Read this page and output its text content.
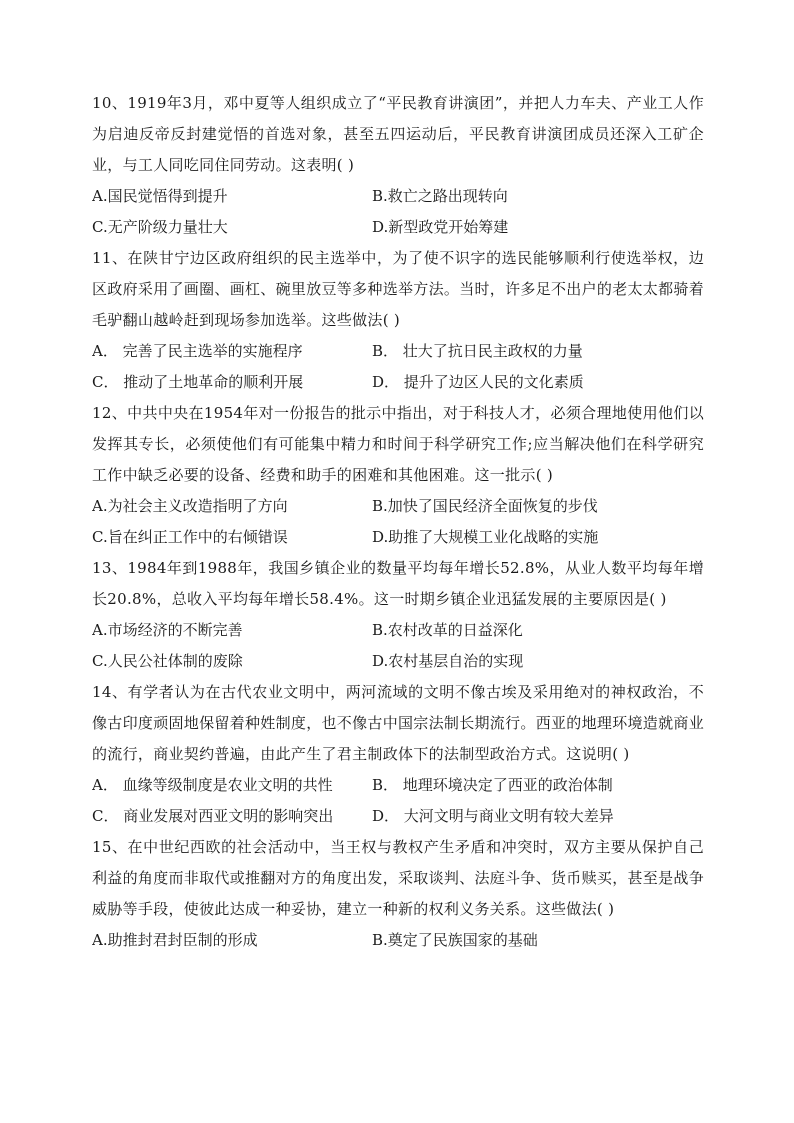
10、1919年3月，邓中夏等人组织成立了“平民教育讲演团”，并把人力车夫、产业工人作为启迪反帝反封建觉悟的首选对象，甚至五四运动后，平民教育讲演团成员还深入工矿企业，与工人同吃同住同劳动。这表明( )

A.国民觉悟得到提升	B.救亡之路出现转向
C.无产阶级力量壮大	D.新型政党开始筹建

11、在陕甘宁边区政府组织的民主选举中，为了使不识字的选民能够顺利行使选举权，边区政府采用了画圈、画杠、碗里放豆等多种选举方法。当时，许多足不出户的老太太都骑着毛驴翻山越岭赶到现场参加选举。这些做法( )

A． 完善了民主选举的实施程序	B． 壮大了抗日民主政权的力量
C． 推动了土地革命的顺利开展	D． 提升了边区人民的文化素质

12、中共中央在1954年对一份报告的批示中指出，对于科技人才，必须合理地使用他们以发挥其专长，必须使他们有可能集中精力和时间于科学研究工作;应当解决他们在科学研究工作中缺乏必要的设备、经费和助手的困难和其他困难。这一批示( )

A.为社会主义改造指明了方向	B.加快了国民经济全面恢复的步伐
C.旨在纠正工作中的右倾错误	D.助推了大规模工业化战略的实施

13、1984年到1988年，我国乡镇企业的数量平均每年增长52.8%，从业人数平均每年增长20.8%，总收入平均每年增长58.4%。这一时期乡镇企业迅猛发展的主要原因是( )

A.市场经济的不断完善	B.农村改革的日益深化
C.人民公社体制的废除	D.农村基层自治的实现

14、有学者认为在古代农业文明中，两河流域的文明不像古埃及采用绝对的神权政治，不像古印度顽固地保留着种姓制度，也不像古中国宗法制长期流行。西亚的地理环境造就商业的流行，商业契约普遍，由此产生了君主制政体下的法制型政治方式。这说明( )

A． 血缘等级制度是农业文明的共性	B． 地理环境决定了西亚的政治体制
C． 商业发展对西亚文明的影响突出	D． 大河文明与商业文明有较大差异

15、在中世纪西欧的社会活动中，当王权与教权产生矛盾和冲突时，双方主要从保护自己利益的角度而非取代或推翻对方的角度出发，采取谈判、法庭斗争、货币赎买，甚至是战争威胁等手段，使彼此达成一种妥协，建立一种新的权利义务关系。这些做法( )

A.助推封君封臣制的形成	B.奠定了民族国家的基础
